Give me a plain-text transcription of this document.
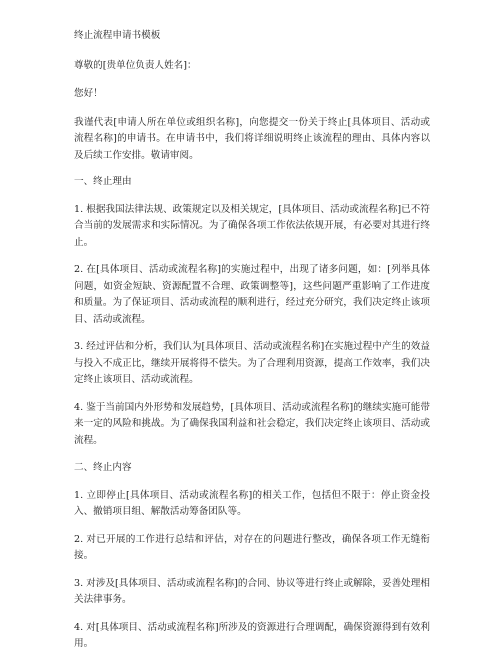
终止流程申请书模板

尊敬的[贵单位负责人姓名]：

您好！

我谨代表[申请人所在单位或组织名称]，向您提交一份关于终止[具体项目、活动或流程名称]的申请书。在申请书中，我们将详细说明终止该流程的理由、具体内容以及后续工作安排。敬请审阅。

一、终止理由

1. 根据我国法律法规、政策规定以及相关规定，[具体项目、活动或流程名称]已不符合当前的发展需求和实际情况。为了确保各项工作依法依规开展，有必要对其进行终止。

2. 在[具体项目、活动或流程名称]的实施过程中，出现了诸多问题，如：[列举具体问题，如资金短缺、资源配置不合理、政策调整等]，这些问题严重影响了工作进度和质量。为了保证项目、活动或流程的顺利进行，经过充分研究，我们决定终止该项目、活动或流程。

3. 经过评估和分析，我们认为[具体项目、活动或流程名称]在实施过程中产生的效益与投入不成正比，继续开展将得不偿失。为了合理利用资源，提高工作效率，我们决定终止该项目、活动或流程。

4. 鉴于当前国内外形势和发展趋势，[具体项目、活动或流程名称]的继续实施可能带来一定的风险和挑战。为了确保我国利益和社会稳定，我们决定终止该项目、活动或流程。

二、终止内容

1. 立即停止[具体项目、活动或流程名称]的相关工作，包括但不限于：停止资金投入、撤销项目组、解散活动筹备团队等。

2. 对已开展的工作进行总结和评估，对存在的问题进行整改，确保各项工作无缝衔接。

3. 对涉及[具体项目、活动或流程名称]的合同、协议等进行终止或解除，妥善处理相关法律事务。

4. 对[具体项目、活动或流程名称]所涉及的资源进行合理调配，确保资源得到有效利用。
